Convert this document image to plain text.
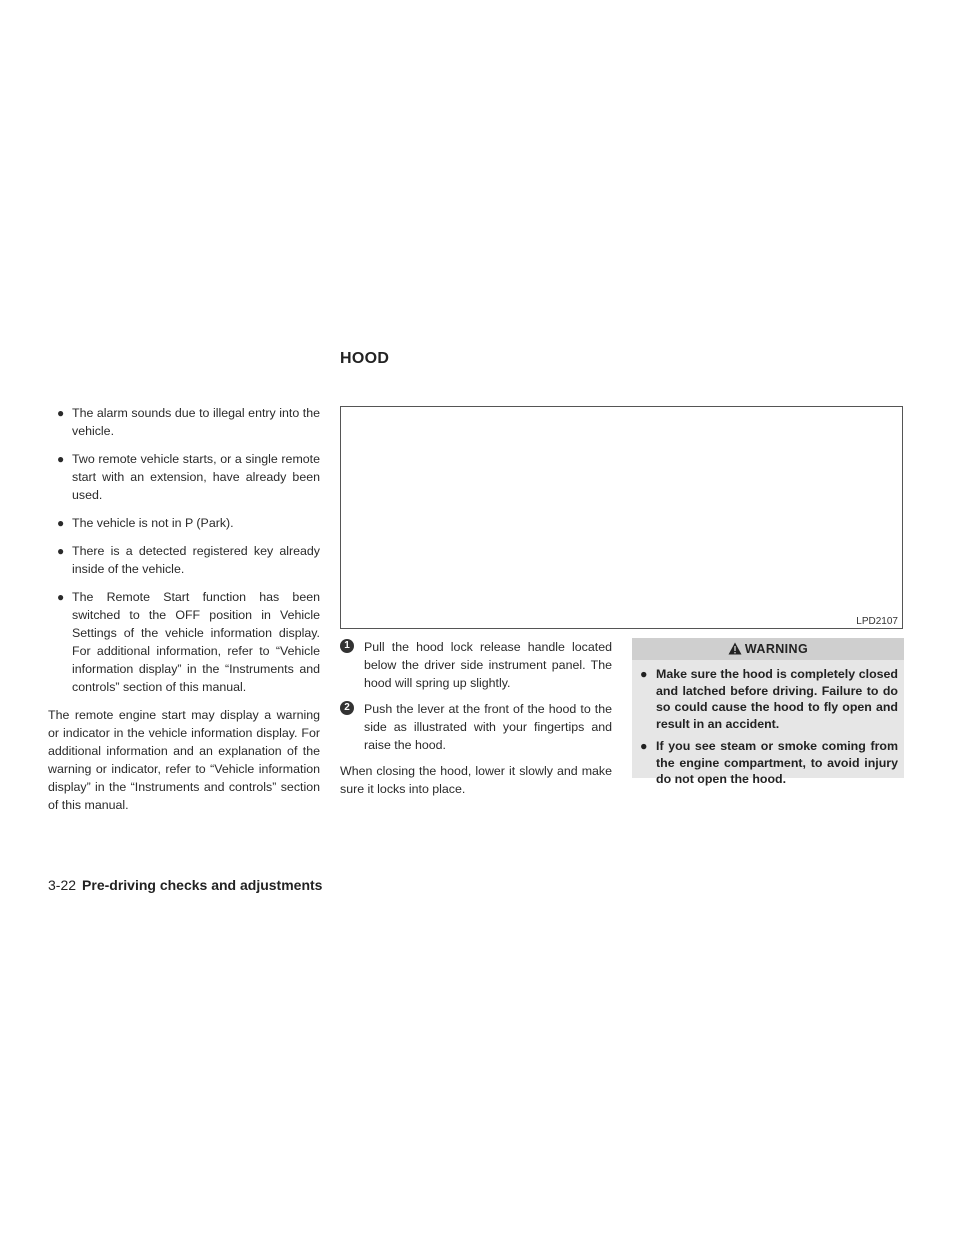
HOOD
● The alarm sounds due to illegal entry into the vehicle.
● Two remote vehicle starts, or a single remote start with an extension, have already been used.
● The vehicle is not in P (Park).
● There is a detected registered key already inside of the vehicle.
● The Remote Start function has been switched to the OFF position in Vehicle Settings of the vehicle information display. For additional information, refer to “Vehicle information display” in the “Instruments and controls” section of this manual.

The remote engine start may display a warning or indicator in the vehicle information display. For additional information and an explanation of the warning or indicator, refer to “Vehicle information display” in the “Instruments and controls” section of this manual.

LPD2107
1	Pull the hood lock release handle located below the driver side instrument panel. The hood will spring up slightly.
2	Push the lever at the front of the hood to the side as illustrated with your fingertips and raise the hood.

When closing the hood, lower it slowly and make sure it locks into place.

WARNING
● Make sure the hood is completely closed and latched before driving. Failure to do so could cause the hood to fly open and result in an accident.
● If you see steam or smoke coming from the engine compartment, to avoid injury do not open the hood.
3-22 Pre-driving checks and adjustments
